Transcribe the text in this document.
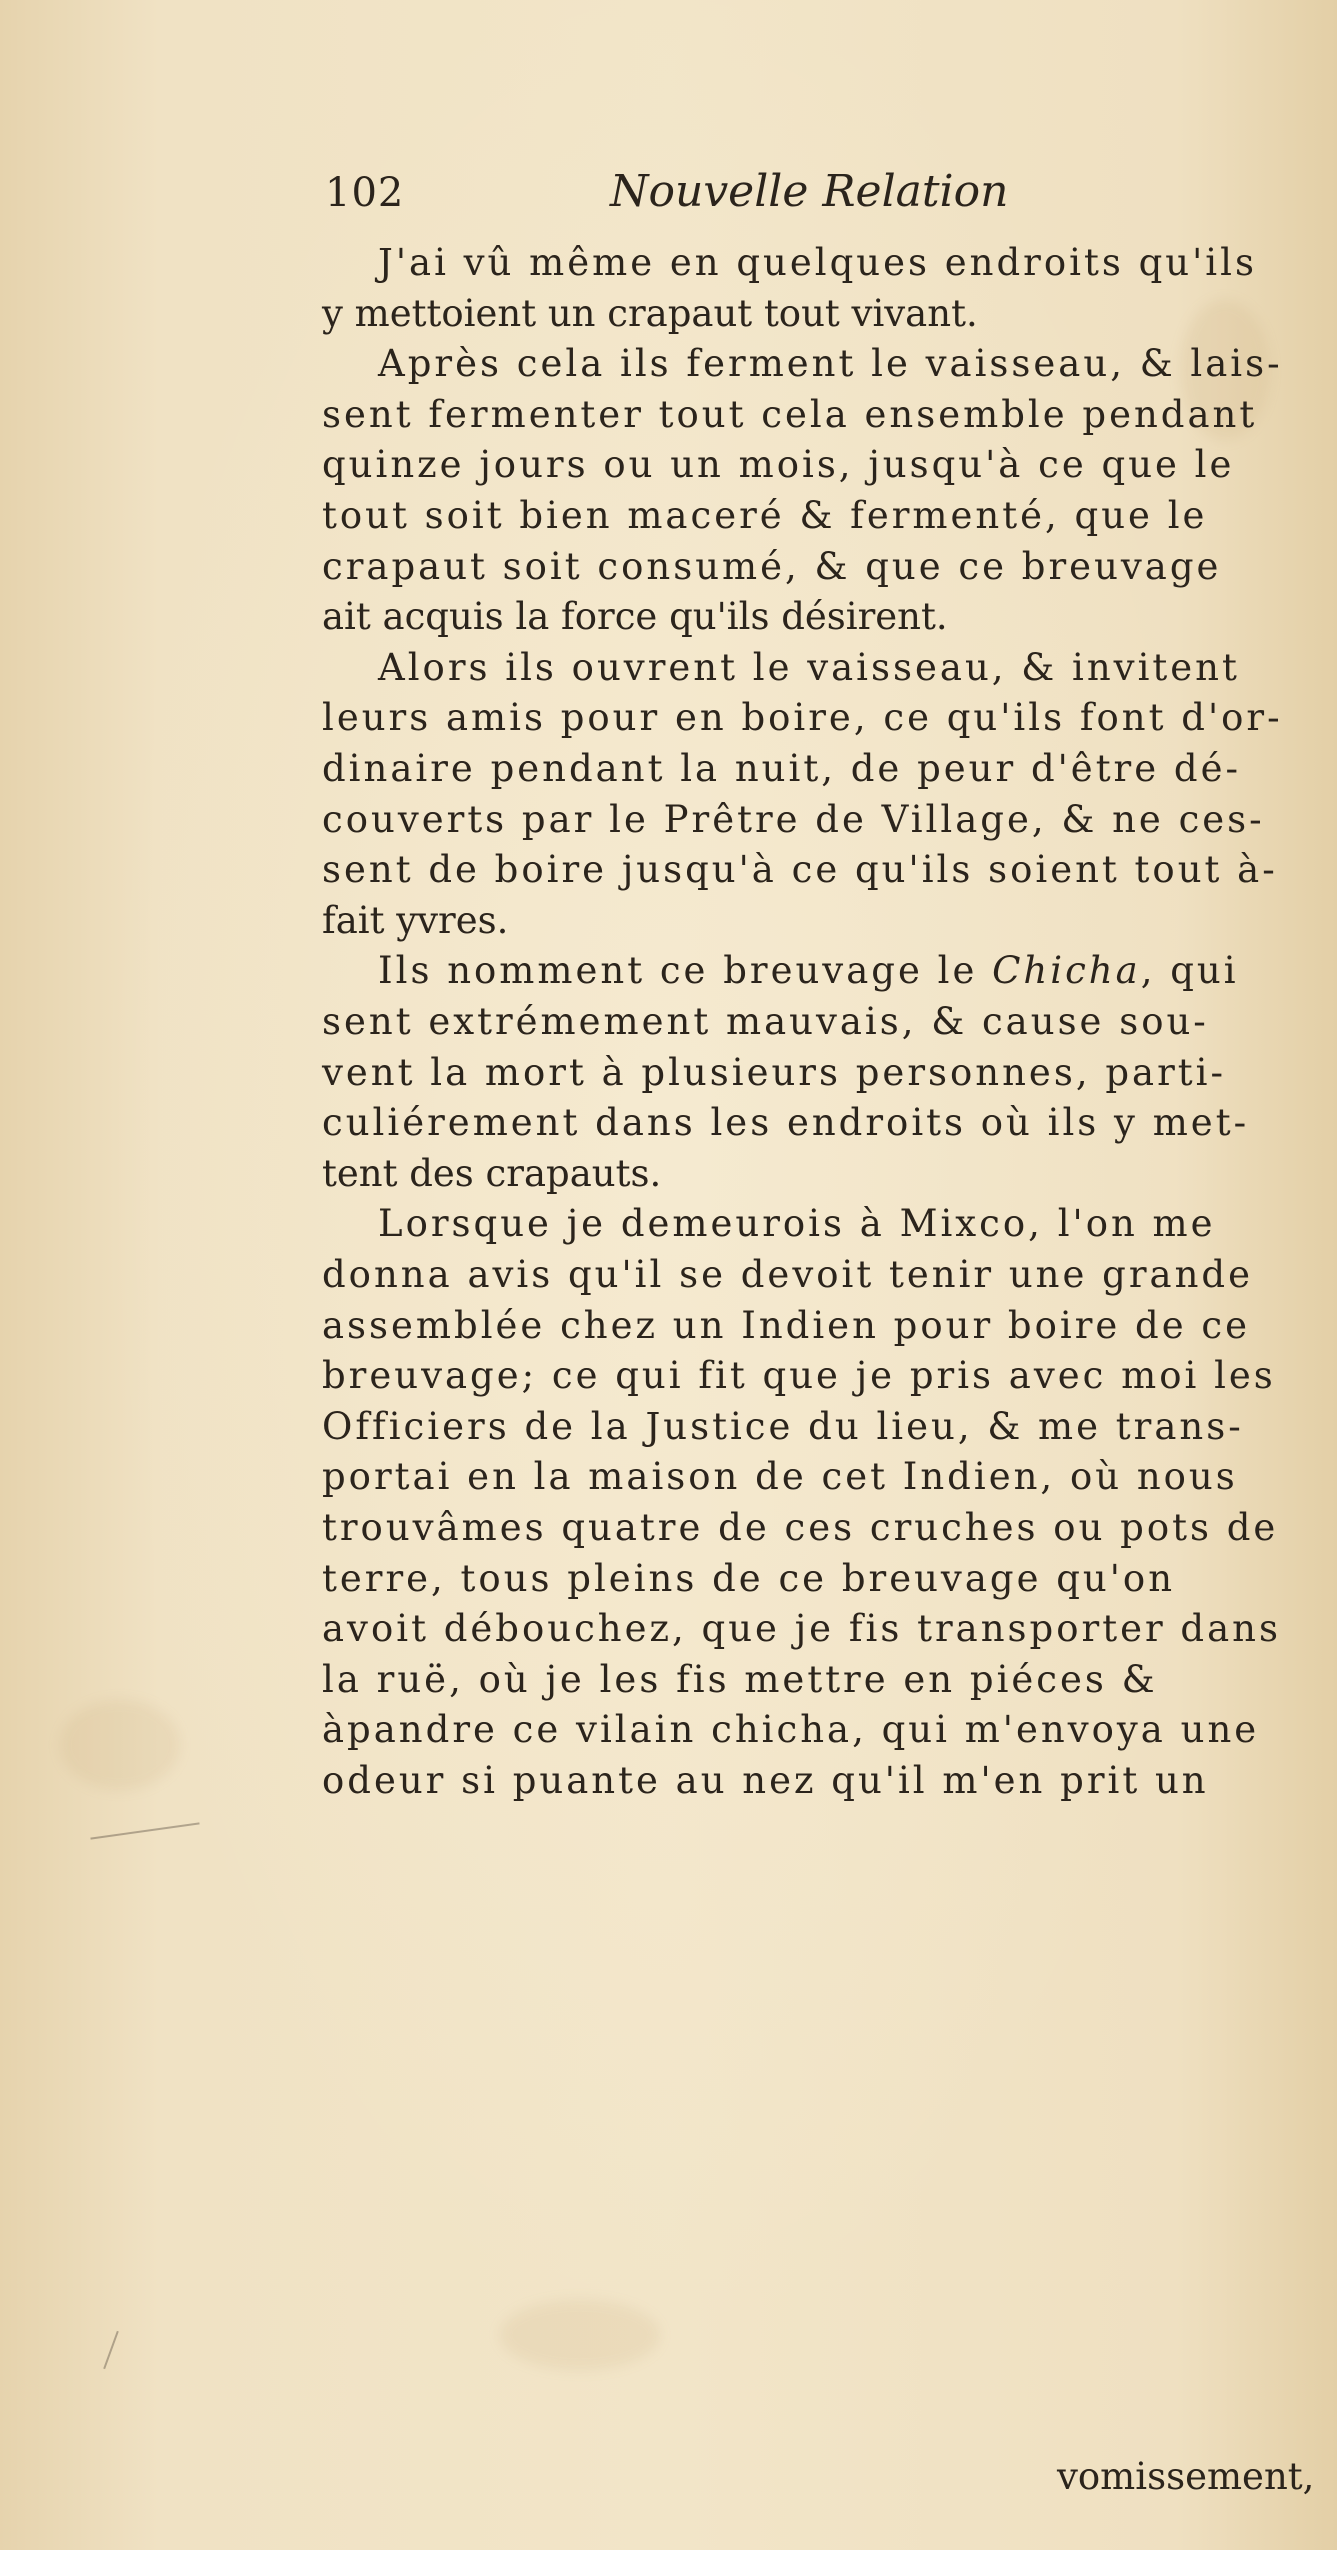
102	Nouvelle Relation
J'ai vû même en quelques endroits qu'ils
y mettoient un crapaut tout vivant.
Après cela ils ferment le vaisseau, & lais-
sent fermenter tout cela ensemble pendant
quinze jours ou un mois, jusqu'à ce que le
tout soit bien maceré & fermenté, que le
crapaut soit consumé, & que ce breuvage
ait acquis la force qu'ils désirent.
Alors ils ouvrent le vaisseau, & invitent
leurs amis pour en boire, ce qu'ils font d'or-
dinaire pendant la nuit, de peur d'être dé-
couverts par le Prêtre de Village, & ne ces-
sent de boire jusqu'à ce qu'ils soient tout à-
fait yvres.
Ils nomment ce breuvage le Chicha, qui
sent extrémement mauvais, & cause sou-
vent la mort à plusieurs personnes, parti-
culiérement dans les endroits où ils y met-
tent des crapauts.
Lorsque je demeurois à Mixco, l'on me
donna avis qu'il se devoit tenir une grande
assemblée chez un Indien pour boire de ce
breuvage; ce qui fit que je pris avec moi les
Officiers de la Justice du lieu, & me trans-
portai en la maison de cet Indien, où nous
trouvâmes quatre de ces cruches ou pots de
terre, tous pleins de ce breuvage qu'on
avoit débouchez, que je fis transporter dans
la ruë, où je les fis mettre en piéces &
àpandre ce vilain chicha, qui m'envoya une
odeur si puante au nez qu'il m'en prit un
vomissement,
